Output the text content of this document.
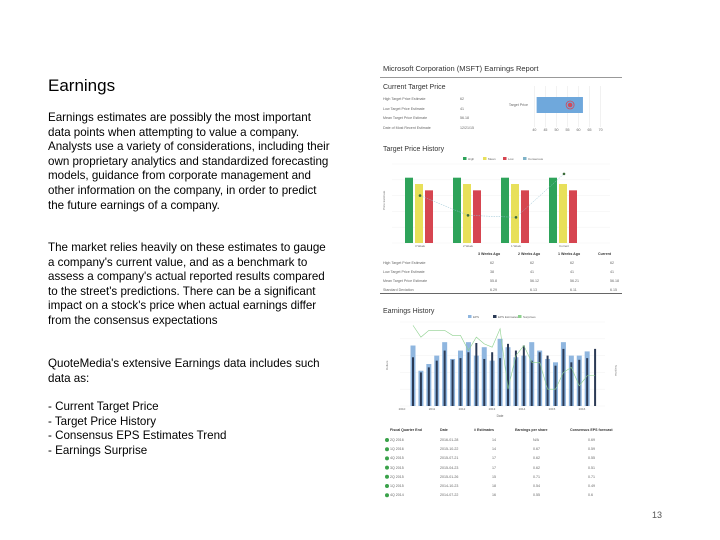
Earnings

Earnings estimates are possibly the most important data points when attempting to value a company. Analysts use a variety of considerations, including their own proprietary analytics and standardized forecasting models, guidance from corporate management and other information on the company, in order to predict the future earnings of a company.

The market relies heavily on these estimates to gauge a company's current value, and as a benchmark to assess a company's actual reported results compared to the street's predictions. There can be a significant impact on a stock's price when actual earnings differ from the consensus expectations

QuoteMedia's extensive Earnings data includes such data as:

- Current Target Price
- Target Price History
- Consensus EPS Estimates Trend
- Earnings Surprise
Microsoft Corporation (MSFT) Earnings Report
Current Target Price
40 45 50 55 60 65 70
Target Price
High	Mean	Low	Consensus
Price Estimate
3 Week	2 Week	1 Week	Current
EPS	EPS Estimates Surprises
2010	2011	2012	2013	2014	2015	2016
Date
Dollars	Surprise
Target Price History
Earnings History
High Target Price Estimate	62
Low Target Price Estimate	41
Mean Target Price Estimate	56.18
Date of Most Recent Estimate	12/21/15
3 Weeks Ago	2 Weeks Ago	1 Weeks Ago	Current
High Target Price Estimate	62	62	62	62
Low Target Price Estimate	38	41	41	41
Mean Target Price Estimate	55.8	56.12	56.21	56.18
Standard Deviation	6.29	6.13	6.11	6.15
Fiscal Quarter End	Date	# Estimates	Earnings per share	Consensus EPS forecast
2Q 2016	2016-01-28	14	N/A	0.69
1Q 2016	2015-10-22	14	0.67	0.59
4Q 2015	2015-07-21	17	0.62	0.55
3Q 2015	2015-04-23	17	0.62	0.51
2Q 2015	2015-01-26	15	0.71	0.71
1Q 2015	2014-10-23	18	0.54	0.49
4Q 2014	2014-07-22	16	0.55	0.6
13
